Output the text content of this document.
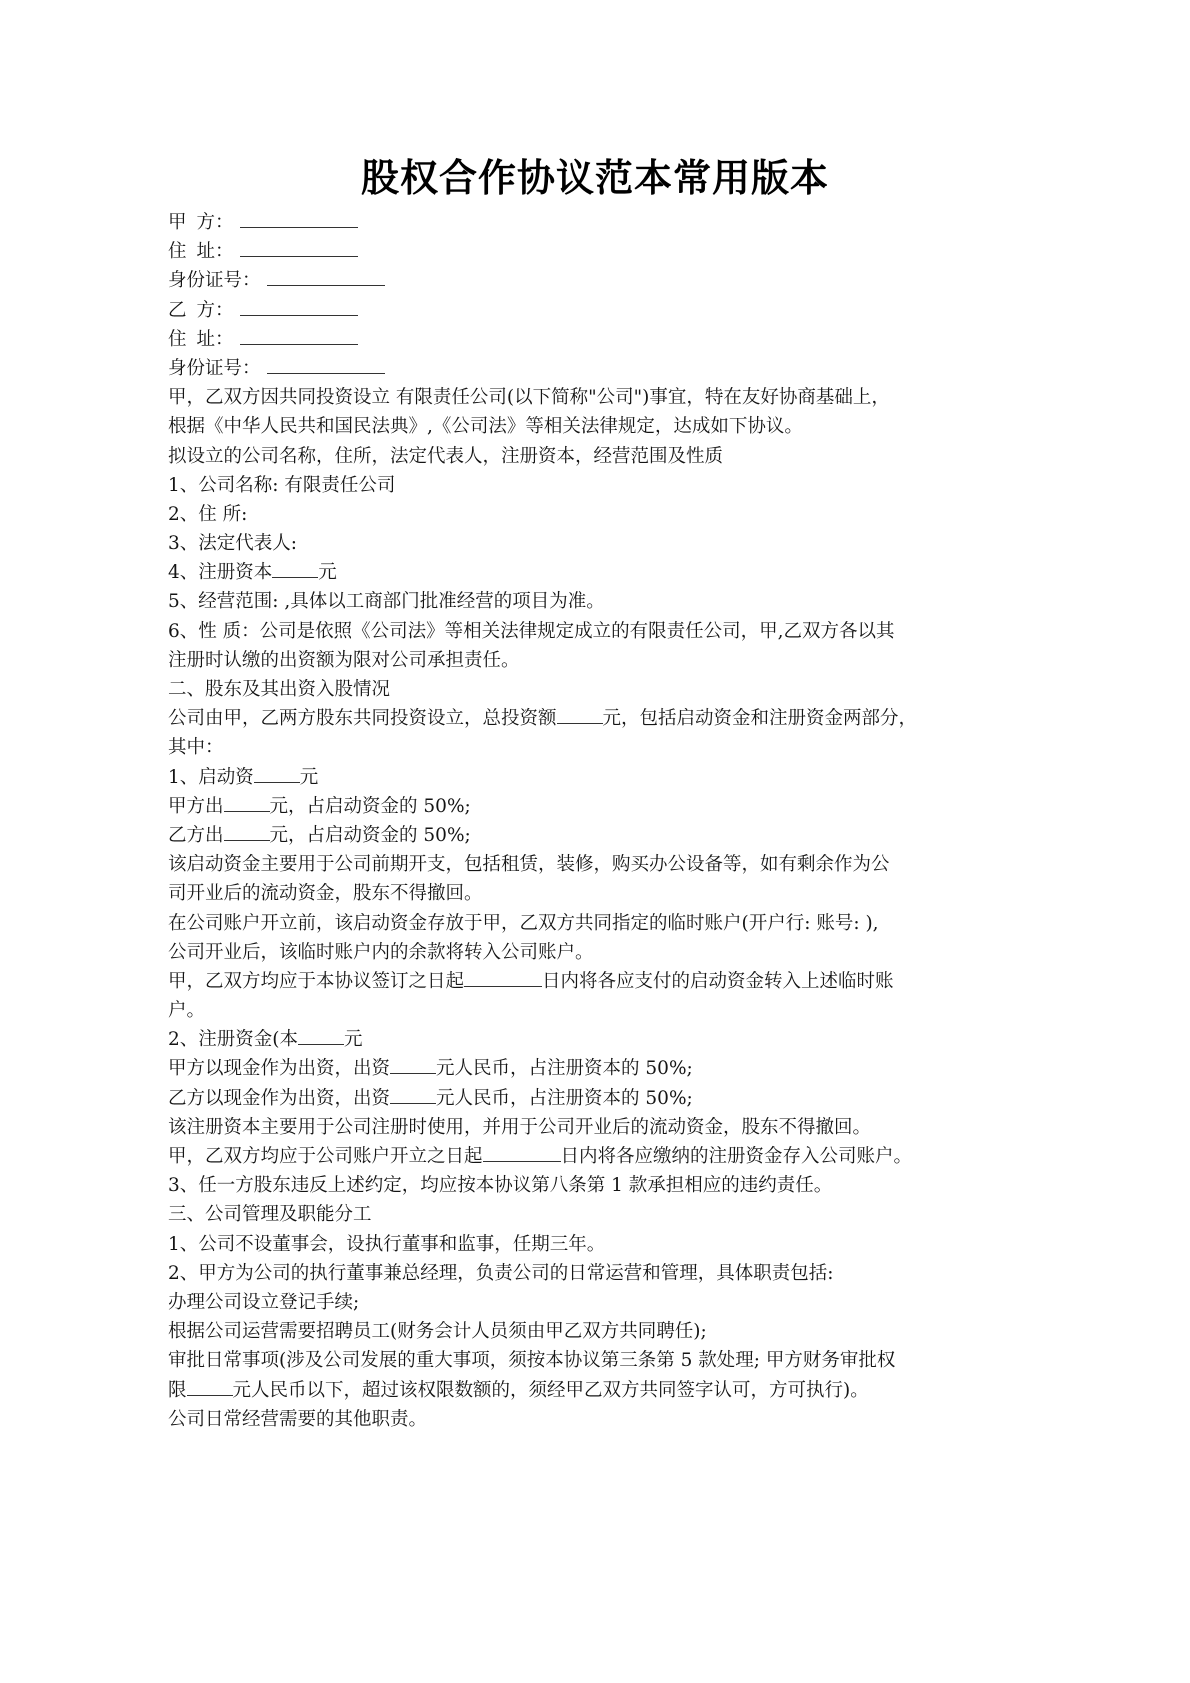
股权合作协议范本常用版本
甲 方：
住 址：
身份证号：
乙 方：
住 址：
身份证号：
甲，乙双方因共同投资设立 有限责任公司(以下简称"公司")事宜，特在友好协商基础上，
根据《中华人民共和国民法典》,《公司法》等相关法律规定，达成如下协议。
拟设立的公司名称，住所，法定代表人，注册资本，经营范围及性质
1、公司名称: 有限责任公司
2、住 所:
3、法定代表人:
4、注册资本 元
5、经营范围: ,具体以工商部门批准经营的项目为准。
6、性 质：公司是依照《公司法》等相关法律规定成立的有限责任公司，甲,乙双方各以其
注册时认缴的出资额为限对公司承担责任。
二、股东及其出资入股情况
公司由甲，乙两方股东共同投资设立，总投资额 元，包括启动资金和注册资金两部分，
其中：
1、启动资 元
甲方出 元，占启动资金的 50%;
乙方出 元，占启动资金的 50%;
该启动资金主要用于公司前期开支，包括租赁，装修，购买办公设备等，如有剩余作为公
司开业后的流动资金，股东不得撤回。
在公司账户开立前，该启动资金存放于甲，乙双方共同指定的临时账户(开户行: 账号: ),
公司开业后，该临时账户内的余款将转入公司账户。
甲，乙双方均应于本协议签订之日起	日内将各应支付的启动资金转入上述临时账
户。
2、注册资金(本 元
甲方以现金作为出资，出资 元人民币，占注册资本的 50%;
乙方以现金作为出资，出资 元人民币，占注册资本的 50%;
该注册资本主要用于公司注册时使用，并用于公司开业后的流动资金，股东不得撤回。
甲，乙双方均应于公司账户开立之日起	日内将各应缴纳的注册资金存入公司账户。
3、任一方股东违反上述约定，均应按本协议第八条第 1 款承担相应的违约责任。
三、公司管理及职能分工
1、公司不设董事会，设执行董事和监事，任期三年。
2、甲方为公司的执行董事兼总经理，负责公司的日常运营和管理，具体职责包括:
办理公司设立登记手续;
根据公司运营需要招聘员工(财务会计人员须由甲乙双方共同聘任);
审批日常事项(涉及公司发展的重大事项，须按本协议第三条第 5 款处理; 甲方财务审批权
限 元人民币以下，超过该权限数额的，须经甲乙双方共同签字认可，方可执行)。
公司日常经营需要的其他职责。
